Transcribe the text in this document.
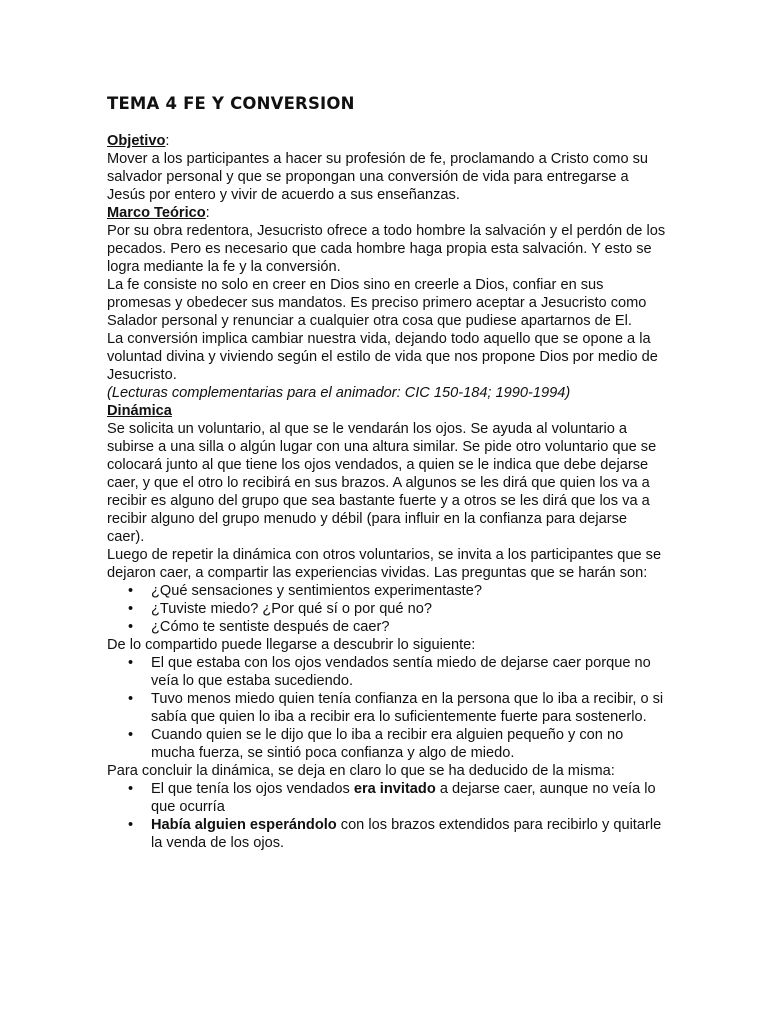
TEMA 4 FE Y CONVERSION

Objetivo:

Mover a los participantes a hacer su profesión de fe, proclamando a Cristo como su salvador personal y que se propongan una conversión de vida para entregarse a Jesús por entero y vivir de acuerdo a sus enseñanzas.

Marco Teórico:

Por su obra redentora, Jesucristo ofrece a todo hombre la salvación y el perdón de los pecados. Pero es necesario que cada hombre haga propia esta salvación. Y esto se logra mediante la fe y la conversión.

La fe consiste no solo en creer en Dios sino en creerle a Dios, confiar en sus promesas y obedecer sus mandatos. Es preciso primero aceptar a Jesucristo como Salador personal y renunciar a cualquier otra cosa que pudiese apartarnos de El.

La conversión implica cambiar nuestra vida, dejando todo aquello que se opone a la voluntad divina y viviendo según el estilo de vida que nos propone Dios por medio de Jesucristo.

(Lecturas complementarias para el animador: CIC 150-184; 1990-1994)

Dinámica

Se solicita un voluntario, al que se le vendarán los ojos. Se ayuda al voluntario a subirse a una silla o algún lugar con una altura similar. Se pide otro voluntario que se colocará junto al que tiene los ojos vendados, a quien se le indica que debe dejarse caer, y que el otro lo recibirá en sus brazos. A algunos se les dirá que quien los va a recibir es alguno del grupo que sea bastante fuerte y a otros se les dirá que los va a recibir alguno del grupo menudo y débil (para influir en la confianza para dejarse caer).

Luego de repetir la dinámica con otros voluntarios, se invita a los participantes que se dejaron caer, a compartir las experiencias vividas. Las preguntas que se harán son:

• ¿Qué sensaciones y sentimientos experimentaste?
• ¿Tuviste miedo? ¿Por qué sí o por qué no?
• ¿Cómo te sentiste después de caer?

De lo compartido puede llegarse a descubrir lo siguiente:

• El que estaba con los ojos vendados sentía miedo de dejarse caer porque no veía lo que estaba sucediendo.
• Tuvo menos miedo quien tenía confianza en la persona que lo iba a recibir, o si sabía que quien lo iba a recibir era lo suficientemente fuerte para sostenerlo.
• Cuando quien se le dijo que lo iba a recibir era alguien pequeño y con no mucha fuerza, se sintió poca confianza y algo de miedo.

Para concluir la dinámica, se deja en claro lo que se ha deducido de la misma:

• El que tenía los ojos vendados era invitado a dejarse caer, aunque no veía lo que ocurría
• Había alguien esperándolo con los brazos extendidos para recibirlo y quitarle la venda de los ojos.
